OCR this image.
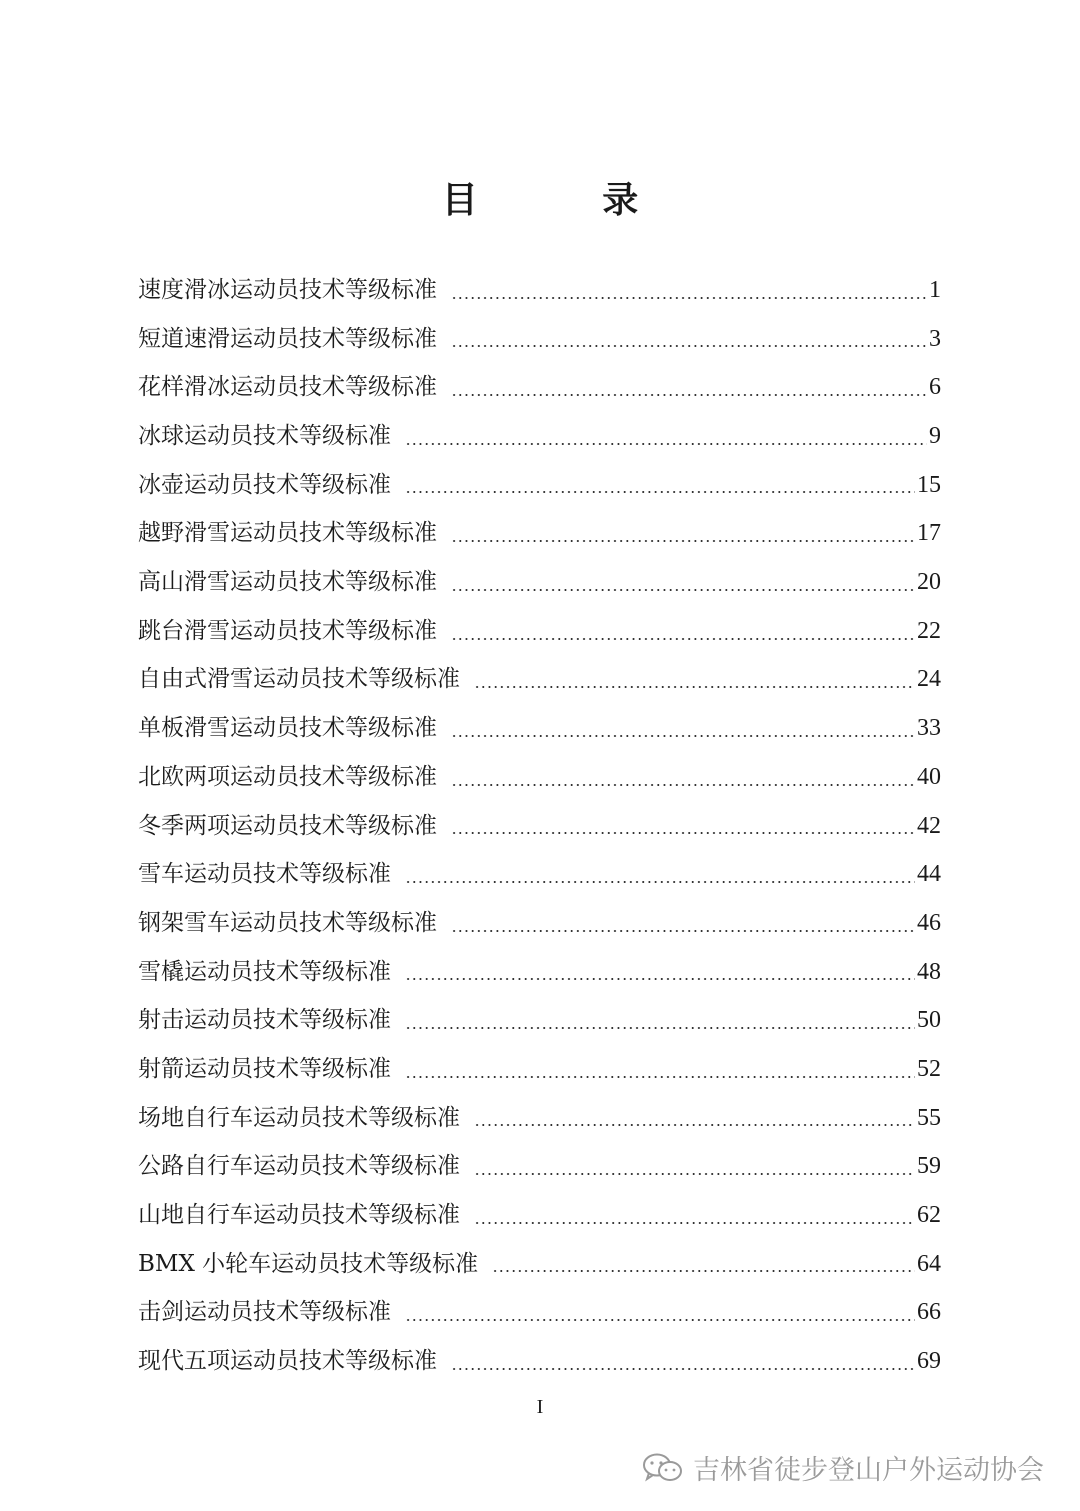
目 录
速度滑冰运动员技术等级标准	1
短道速滑运动员技术等级标准	3
花样滑冰运动员技术等级标准	6
冰球运动员技术等级标准	9
冰壶运动员技术等级标准	15
越野滑雪运动员技术等级标准	17
高山滑雪运动员技术等级标准	20
跳台滑雪运动员技术等级标准	22
自由式滑雪运动员技术等级标准	24
单板滑雪运动员技术等级标准	33
北欧两项运动员技术等级标准	40
冬季两项运动员技术等级标准	42
雪车运动员技术等级标准	44
钢架雪车运动员技术等级标准	46
雪橇运动员技术等级标准	48
射击运动员技术等级标准	50
射箭运动员技术等级标准	52
场地自行车运动员技术等级标准	55
公路自行车运动员技术等级标准	59
山地自行车运动员技术等级标准	62
BMX 小轮车运动员技术等级标准	64
击剑运动员技术等级标准	66
现代五项运动员技术等级标准	69
I
吉林省徒步登山户外运动协会
